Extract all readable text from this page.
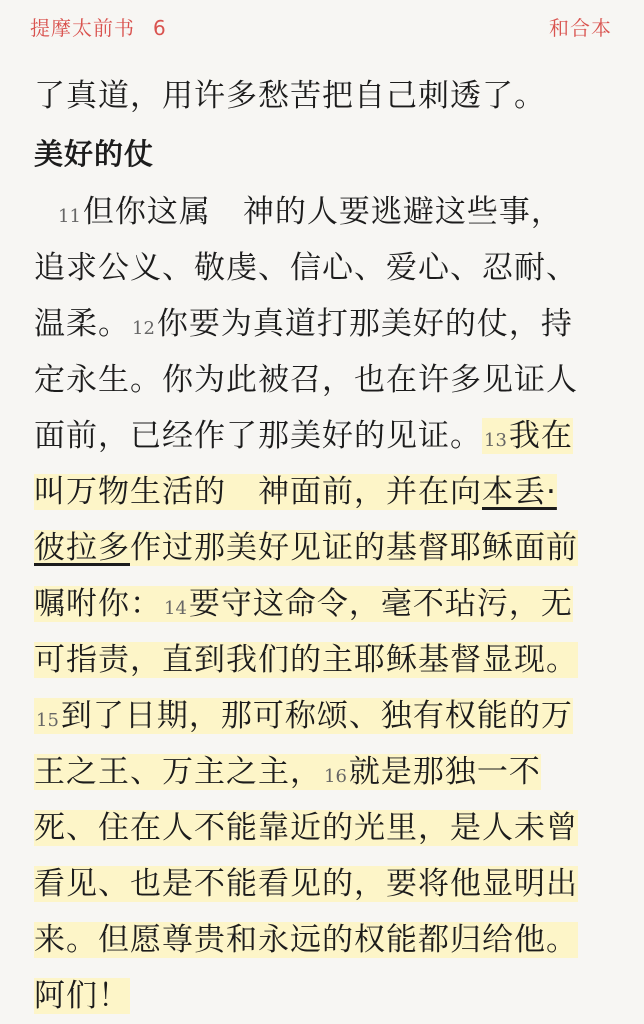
提摩太前书 6	和合本
了真道，用许多愁苦把自己刺透了。
美好的仗
11但你这属　神的人要逃避这些事，
追求公义、敬虔、信心、爱心、忍耐、
温柔。 12你要为真道打那美好的仗，持
定永生。你为此被召，也在许多见证人
面前，已经作了那美好的见证。 13我在
叫万物生活的　神面前，并在向本丢·
彼拉多作过那美好见证的基督耶稣面前
嘱咐你： 14要守这命令，毫不玷污，无
可指责，直到我们的主耶稣基督显现。
15到了日期，那可称颂、独有权能的万
王之王、万主之主， 16就是那独一不
死、住在人不能靠近的光里，是人未曾
看见、也是不能看见的，要将他显明出
来。但愿尊贵和永远的权能都归给他。
阿们！
